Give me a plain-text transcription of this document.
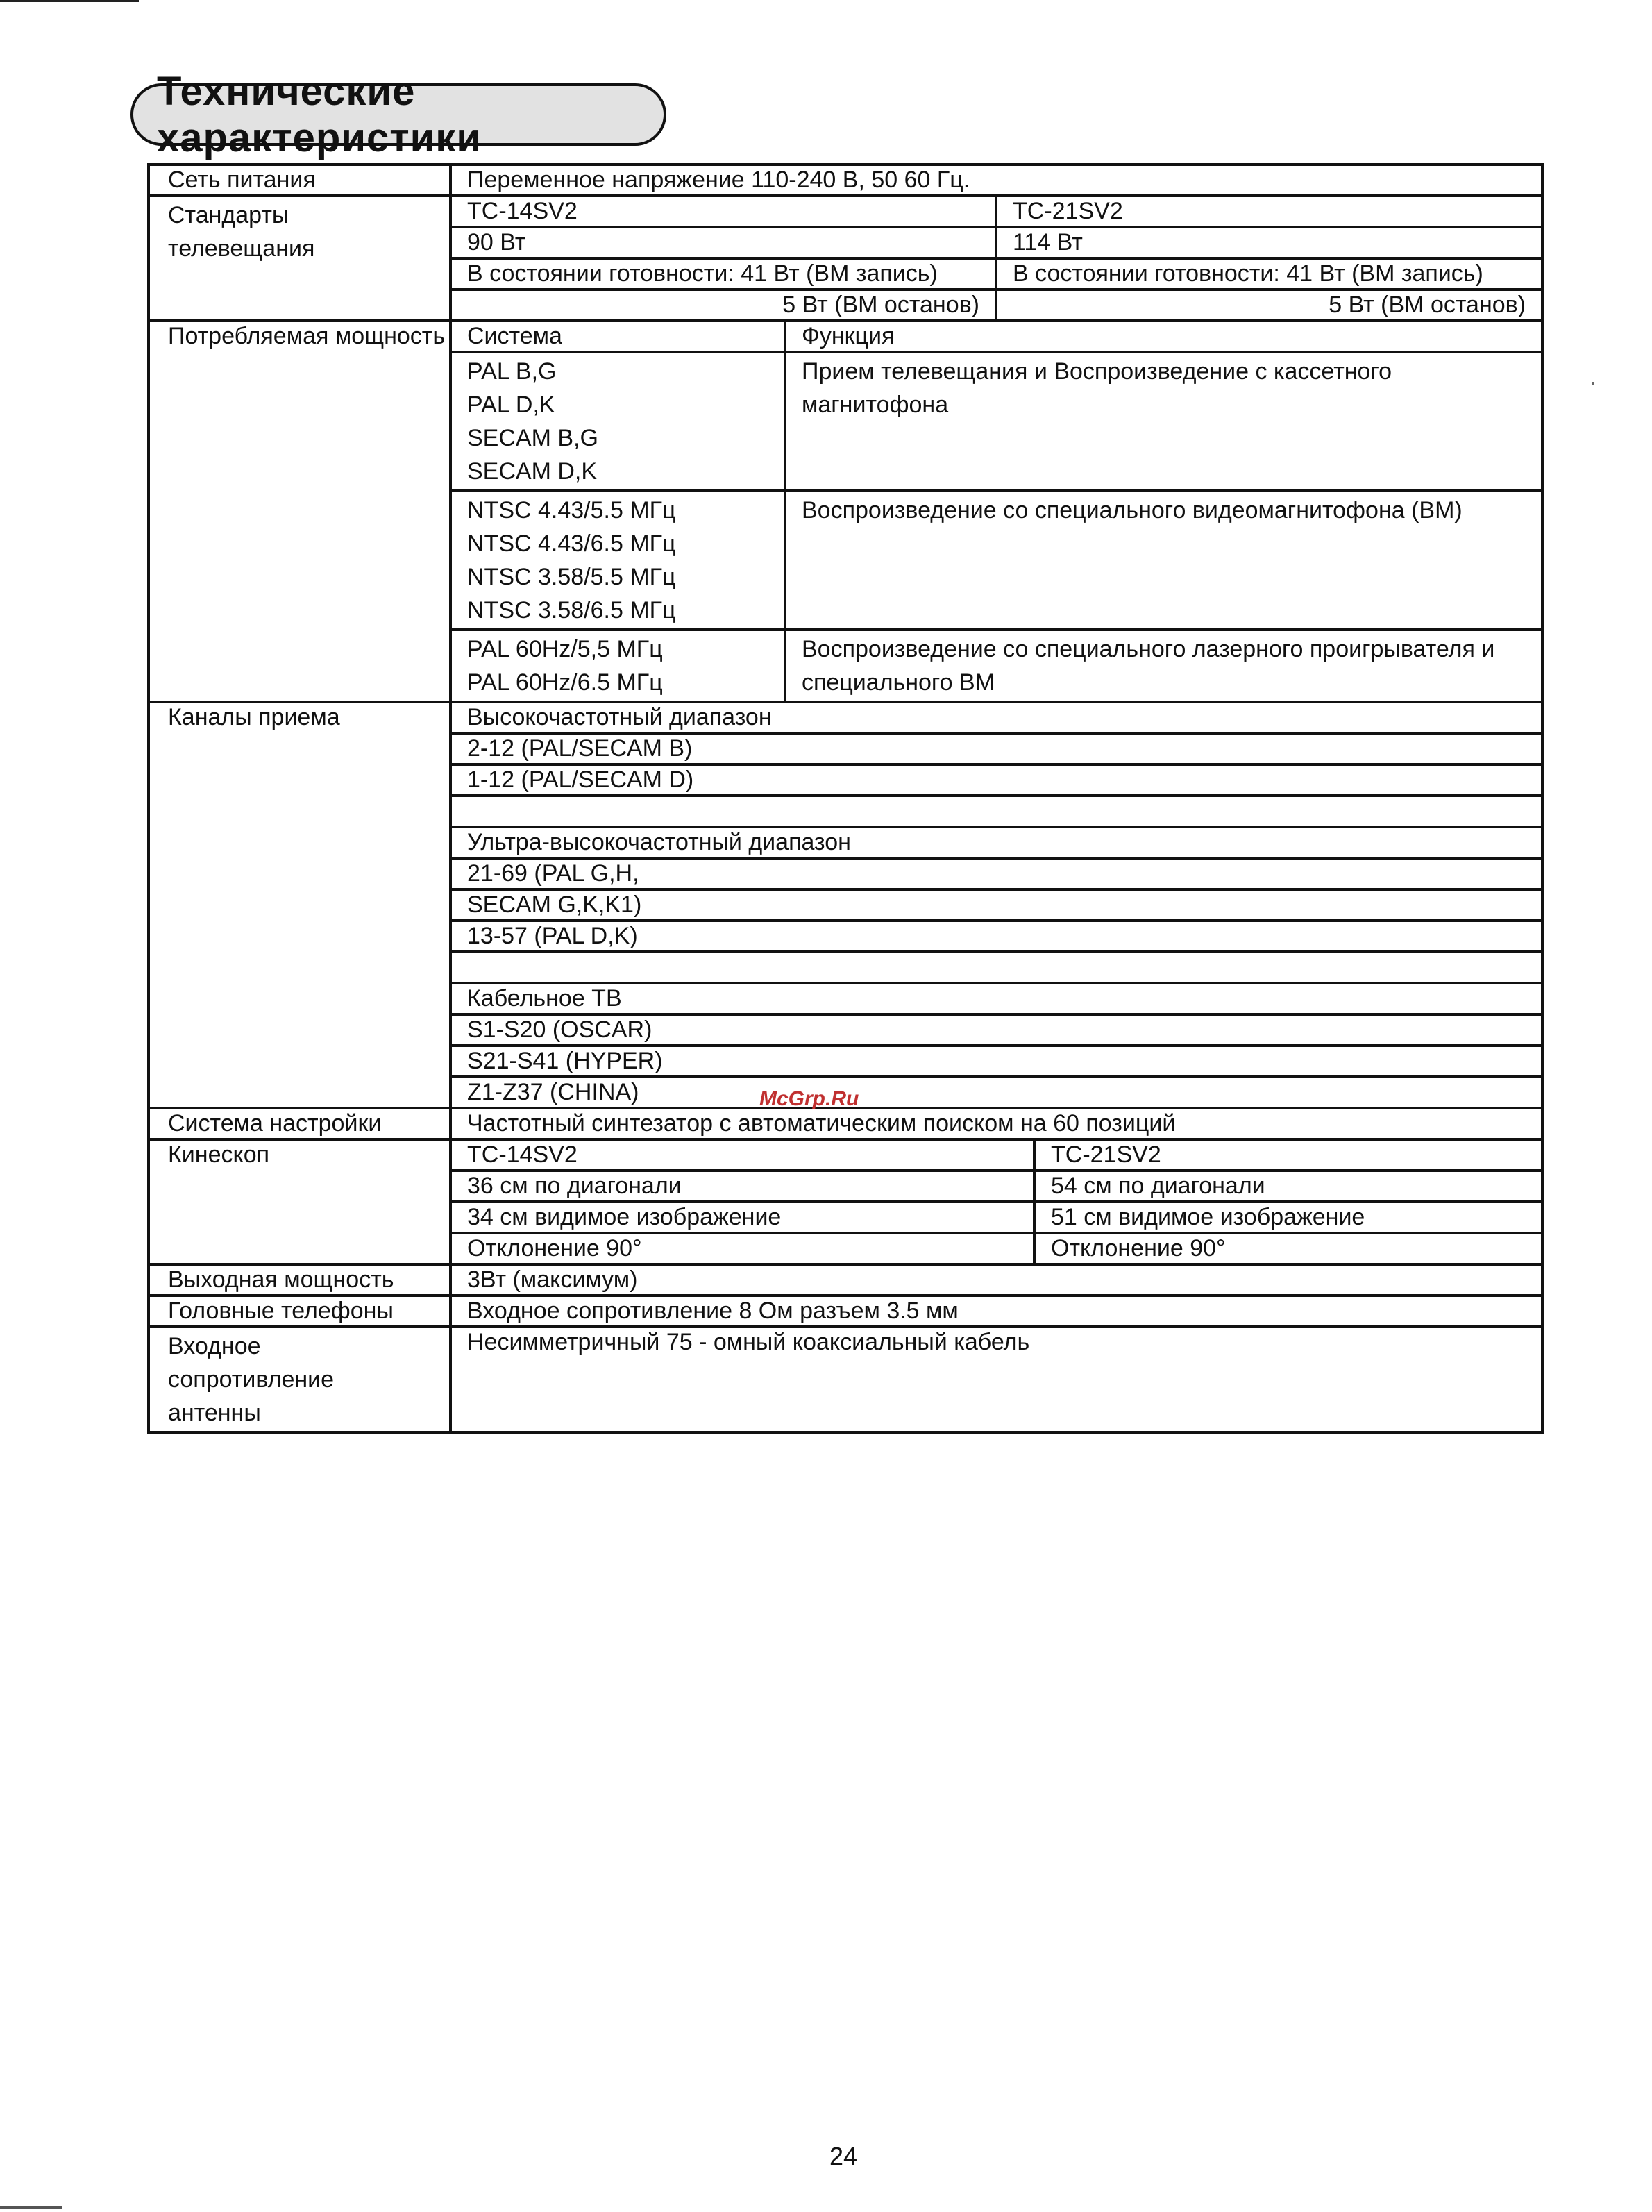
Технические характеристики
Сеть питания	Переменное напряжение 110-240 В, 50 60 Гц.			

Стандарты
телевещания	TC-14SV2		TC-21SV2	
	90 Вт		114 Вт	
	В состоянии готовности: 41 Вт (ВМ запись)		В состоянии готовности: 41 Вт (ВМ запись)	
	5 Вт (ВМ останов)		5 Вт (ВМ останов)	
Потребляемая мощность	Система	Функция		

	PAL B,G
PAL D,K
SECAM B,G
SECAM D,K	Прием телевещания и Воспроизведение с кассетного магнитофона		

	NTSC 4.43/5.5 МГц
NTSC 4.43/6.5 МГц
NTSC 3.58/5.5 МГц
NTSC 3.58/6.5 МГц	Воспроизведение со специального видеомагнитофона (ВМ)		

	PAL 60Hz/5,5 МГц
PAL 60Hz/6.5 МГц	Воспроизведение со специального лазерного проигрывателя и специального ВМ		
Каналы приема	Высокочастотный диапазон			
	2-12 (PAL/SECAM B)			
	1-12 (PAL/SECAM D)			

	Ультра-высокочастотный диапазон			
	21-69 (PAL G,H,			
	SECAM G,K,K1)			
	13-57 (PAL D,K)			

	Кабельное ТВ			
	S1-S20 (OSCAR)			
	S21-S41 (HYPER)			
	Z1-Z37 (CHINA)			
Система настройки	Частотный синтезатор с автоматическим поиском на 60 позиций			
Кинескоп	TC-14SV2			TC-21SV2
	36 см по диагонали			54 см по диагонали
	34 см видимое изображение			51 см видимое изображение
	Отклонение 90°			Отклонение 90°
Выходная мощность	3Вт (максимум)			
Головные телефоны	Входное сопротивление 8 Ом разъем 3.5 мм			

Входное
сопротивление
антенны	Несимметричный 75 - омный коаксиальный кабель			
McGrp.Ru
24
